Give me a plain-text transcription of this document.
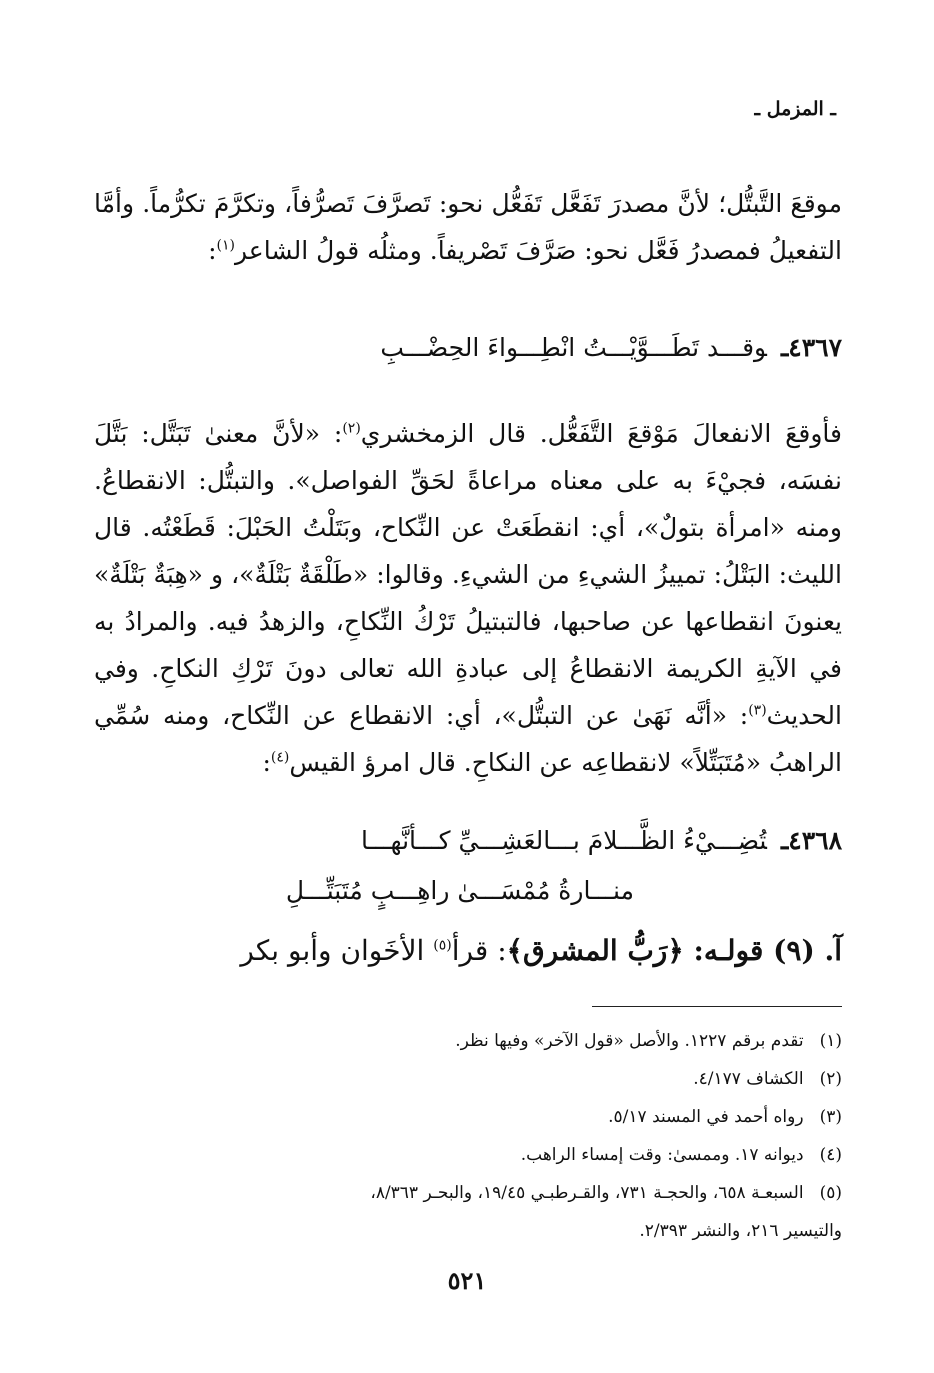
ـ المزمل ـ
موقعَ التَّبتُّل؛ لأنَّ مصدرَ تَفَعَّل تَفَعُّل نحو: تَصرَّفَ تَصرُّفاً، وتكرَّمَ تكرُّماً. وأمَّا التفعيلُ فمصدرُ فَعَّل نحو: صَرَّفَ تَصْريفاً. ومثلُه قولُ الشاعر$^{(١)}$:
٤٣٦٧ـوقـــد تَطَـــوَّيْـــتُ انْطِـــواءَ الحِضْـــبِ
فأوقعَ الانفعالَ مَوْقعَ التَّفَعُّل. قال الزمخشري$^{(٢)}$: «لأنَّ معنىٰ تَبَتَّل: بَتَّلَ نفسَه، فجيْءَ به على معناه مراعاةً لحَقِّ الفواصل». والتبتُّل: الانقطاعُ. ومنه «امرأة بتولٌ»، أي: انقطَعَتْ عن النِّكاح، وبَتَلْتُ الحَبْلَ: قَطَعْتُه. قال الليث: البَتْلُ: تمييزُ الشيءِ من الشيءِ. وقالوا: «طَلْقَةٌ بَتْلَةٌ»، و «هِبَةٌ بَتْلَةٌ» يعنونَ انقطاعها عن صاحبها، فالتبتيلُ تَرْكُ النِّكاحِ، والزهدُ فيه. والمرادُ به في الآيةِ الكريمة الانقطاعُ إلى عبادةِ الله تعالى دونَ تَرْكِ النكاحِ. وفي الحديث$^{(٣)}$: «أنَّه نَهَىٰ عن التبتُّل»، أي: الانقطاع عن النِّكاح، ومنه سُمِّي الراهبُ «مُتَبَتِّلاً» لانقطاعِه عن النكاحِ. قال امرؤ القيس$^{(٤)}$:
٤٣٦٨ـتُضِـــيْءُ الظَّـــلامَ بـــالعَشِـــيِّ كـــأنَّهـــا
منـــارةُ مُمْسَـــىٰ راهِـــبٍ مُتَبَتِّـــلِ
آ. (٩) قولـه: ﴿رَبُّ المشرق﴾: قرأ$^{(٥)}$ الأخَوان وأبو بكر
(١)تقدم برقم ١٢٢٧. والأصل «قول الآخر» وفيها نظر.
(٢)الكشاف ٤/١٧٧.
(٣)رواه أحمد في المسند ٥/١٧.
(٤)ديوانه ١٧. وممسىٰ: وقت إمساء الراهب.
(٥)السبعـة ٦٥٨، والحجـة ٧٣١، والقـرطبـي ١٩/٤٥، والبحـر ٨/٣٦٣،
والتيسير ٢١٦، والنشر ٢/٣٩٣.
٥٢١
